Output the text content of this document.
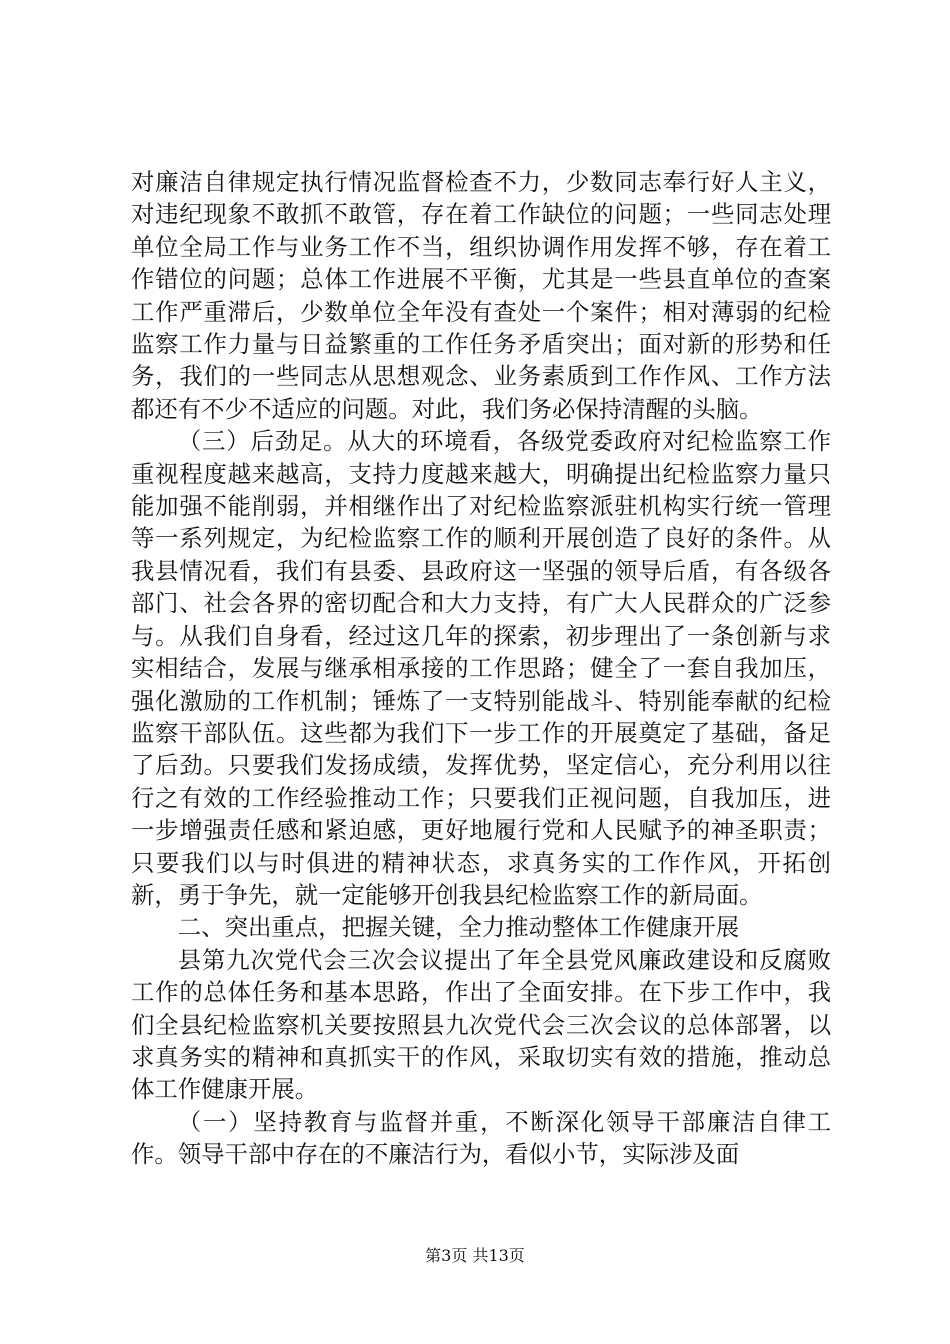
对廉洁自律规定执行情况监督检查不力，少数同志奉行好人主义，对违纪现象不敢抓不敢管，存在着工作缺位的问题；一些同志处理单位全局工作与业务工作不当，组织协调作用发挥不够，存在着工作错位的问题；总体工作进展不平衡，尤其是一些县直单位的查案工作严重滞后，少数单位全年没有查处一个案件；相对薄弱的纪检监察工作力量与日益繁重的工作任务矛盾突出；面对新的形势和任务，我们的一些同志从思想观念、业务素质到工作作风、工作方法都还有不少不适应的问题。对此，我们务必保持清醒的头脑。

（三）后劲足。从大的环境看，各级党委政府对纪检监察工作重视程度越来越高，支持力度越来越大，明确提出纪检监察力量只能加强不能削弱，并相继作出了对纪检监察派驻机构实行统一管理等一系列规定，为纪检监察工作的顺利开展创造了良好的条件。从我县情况看，我们有县委、县政府这一坚强的领导后盾，有各级各部门、社会各界的密切配合和大力支持，有广大人民群众的广泛参与。从我们自身看，经过这几年的探索，初步理出了一条创新与求实相结合，发展与继承相承接的工作思路；健全了一套自我加压，强化激励的工作机制；锤炼了一支特别能战斗、特别能奉献的纪检监察干部队伍。这些都为我们下一步工作的开展奠定了基础，备足了后劲。只要我们发扬成绩，发挥优势，坚定信心，充分利用以往行之有效的工作经验推动工作；只要我们正视问题，自我加压，进一步增强责任感和紧迫感，更好地履行党和人民赋予的神圣职责；只要我们以与时俱进的精神状态，求真务实的工作作风，开拓创新，勇于争先，就一定能够开创我县纪检监察工作的新局面。

二、突出重点，把握关键，全力推动整体工作健康开展

县第九次党代会三次会议提出了年全县党风廉政建设和反腐败工作的总体任务和基本思路，作出了全面安排。在下步工作中，我们全县纪检监察机关要按照县九次党代会三次会议的总体部署，以求真务实的精神和真抓实干的作风，采取切实有效的措施，推动总体工作健康开展。

（一）坚持教育与监督并重，不断深化领导干部廉洁自律工作。领导干部中存在的不廉洁行为，看似小节，实际涉及面

第3页 共13页
